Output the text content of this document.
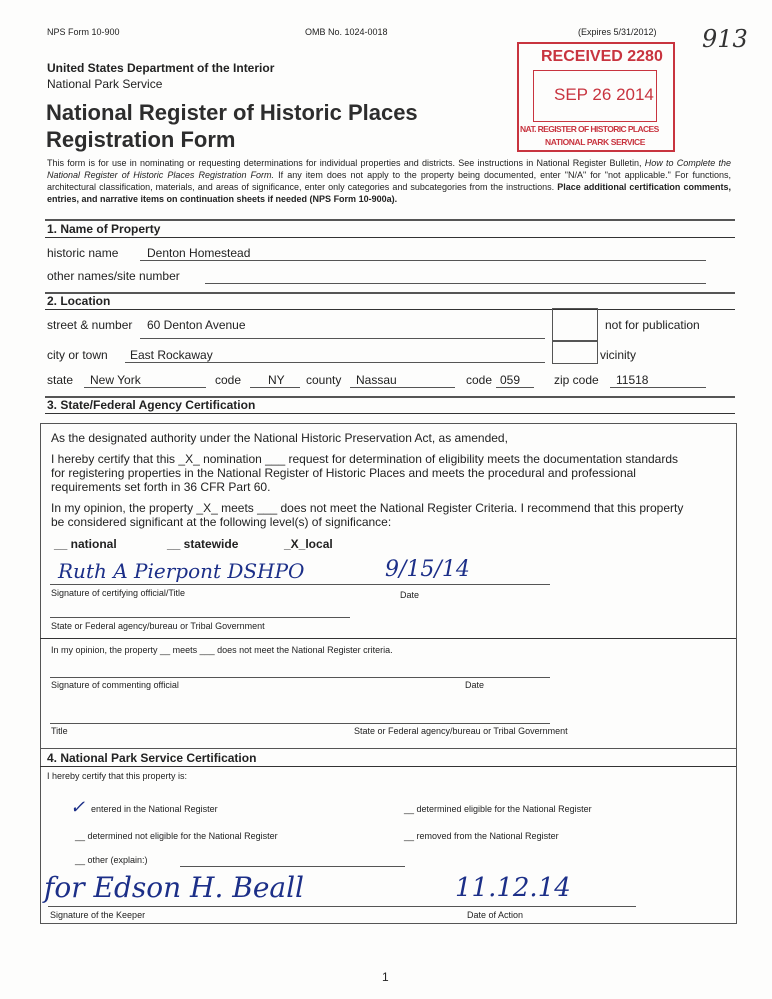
NPS Form 10-900	OMB No. 1024-0018	(Expires 5/31/2012) 913
RECEIVED 2280
SEP 26 2014
NAT. REGISTER OF HISTORIC PLACES
NATIONAL PARK SERVICE
United States Department of the Interior
National Park Service
National Register of Historic Places
Registration Form
This form is for use in nominating or requesting determinations for individual properties and districts. See instructions in National Register Bulletin, How to Complete the National Register of Historic Places Registration Form. If any item does not apply to the property being documented, enter "N/A" for "not applicable." For functions, architectural classification, materials, and areas of significance, enter only categories and subcategories from the instructions. Place additional certification comments, entries, and narrative items on continuation sheets if needed (NPS Form 10-900a).
1. Name of Property
historic name Denton Homestead
other names/site number
2. Location
street & number 60 Denton Avenue	not for publication
city or town East Rockaway	vicinity
state New York	code NY county Nassau	code 059	zip code 11518
3. State/Federal Agency Certification
As the designated authority under the National Historic Preservation Act, as amended,
I hereby certify that this _X_ nomination ___ request for determination of eligibility meets the documentation standards
for registering properties in the National Register of Historic Places and meets the procedural and professional
requirements set forth in 36 CFR Part 60.
In my opinion, the property _X_ meets ___ does not meet the National Register Criteria. I recommend that this property
be considered significant at the following level(s) of significance:
__ national	__ statewide	_X_local
Ruth A Pierpont DSHPO	9/15/14
Signature of certifying official/Title	Date
State or Federal agency/bureau or Tribal Government
In my opinion, the property __ meets ___ does not meet the National Register criteria.
Signature of commenting official	Date
Title	State or Federal agency/bureau or Tribal Government
4. National Park Service Certification
I hereby certify that this property is:
✓ entered in the National Register	__ determined eligible for the National Register
__ determined not eligible for the National Register	__ removed from the National Register
__ other (explain:)
for Edson H. Beall	11.12.14
Signature of the Keeper	Date of Action
1
